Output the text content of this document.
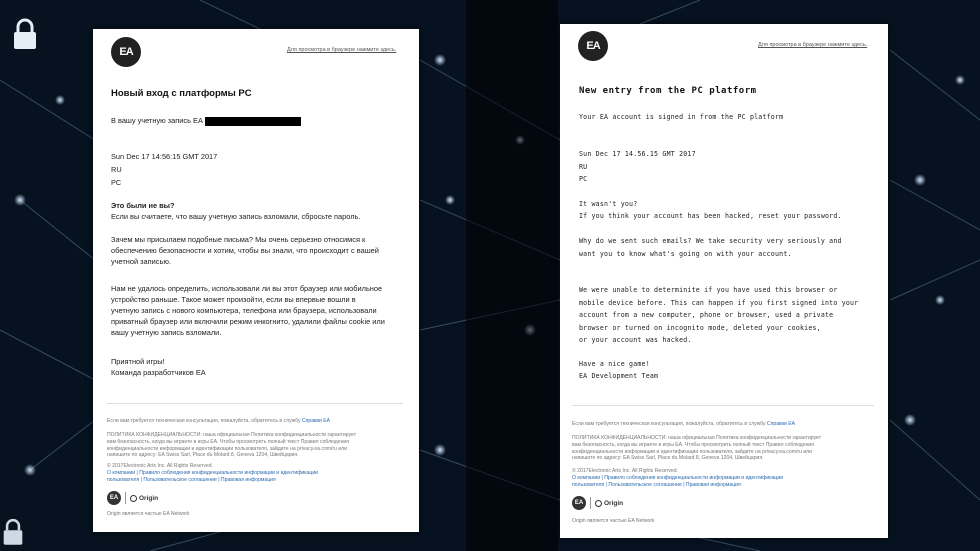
EA	Для просмотра в браузере нажмите здесь.
Новый вход с платформы PC
В вашу учетную запись EA
Sun Dec 17 14:56:15 GMT 2017
RU
PC
Это были не вы?
Если вы считаете, что вашу учетную запись взломали, сбросьте пароль.
Зачем мы присылаем подобные письма? Мы очень серьезно относимся к
обеспечению безопасности и хотим, чтобы вы знали, что происходит с вашей
учетной записью.
Нам не удалось определить, использовали ли вы этот браузер или мобильное
устройство раньше. Такое может произойти, если вы впервые вошли в
учетную запись с нового компьютера, телефона или браузера, использовали
приватный браузер или включили режим инкогнито, удалили файлы cookie или
вашу учетную запись взломали.
Приятной игры!
Команда разработчиков EA
Если вам требуется техническая консультация, пожалуйста, обратитесь в службу Справки EA
ПОЛИТИКА КОНФИДЕНЦИАЛЬНОСТИ: наша официальная Политика конфиденциальности гарантирует
вам безопасность, когда вы играете в игры EA. Чтобы просмотреть полный текст Правил соблюдения
конфиденциальности информации и идентификации пользователя, зайдите на privacy.ea.com/ru или
напишите по адресу: EA Swiss Sarl, Place du Molard 8, Geneva 1204, Швейцария.
© 2017Electronic Arts Inc. All Rights Reserved.
О компании | Правило соблюдения конфиденциальности информации и идентификации
пользователя | Пользовательское соглашение | Правовая информация
EA	Origin
Origin является частью EA Network
EA	Для просмотра в браузере нажмите здесь.
New entry from the PC platform
Your EA account is signed in from the PC platform
Sun Dec 17 14.56.15 GMT 2017
RU
PC
It wasn't you?
If you think your account has been hacked, reset your password.
Why do we sent such emails? We take security very seriously and
want you to know what's going on with your account.
We were unable to determinite if you have used this browser or
mobile device before. This can happen if you first signed into your
account from a new computer, phone or browser, used a private
browser or turned on incognito mode, deleted your cookies,
or your account was hacked.
Have a nice game!
EA Development Team
Если вам требуется техническая консультация, пожалуйста, обратитесь в службу Справки EA
ПОЛИТИКА КОНФИДЕНЦИАЛЬНОСТИ: наша официальная Политика конфиденциальности гарантирует
вам безопасность, когда вы играете в игры EA. Чтобы просмотреть полный текст Правил соблюдения
конфиденциальности информации и идентификации пользователя, зайдите на privacy.ea.com/ru или
напишите по адресу: EA Swiss Sarl, Place du Molard 8, Geneva 1204, Швейцария.
© 2017Electronic Arts Inc. All Rights Reserved.
О компании | Правило соблюдения конфиденциальности информации и идентификации
пользователя | Пользовательское соглашение | Правовая информация
EA	Origin
Origin является частью EA Network
